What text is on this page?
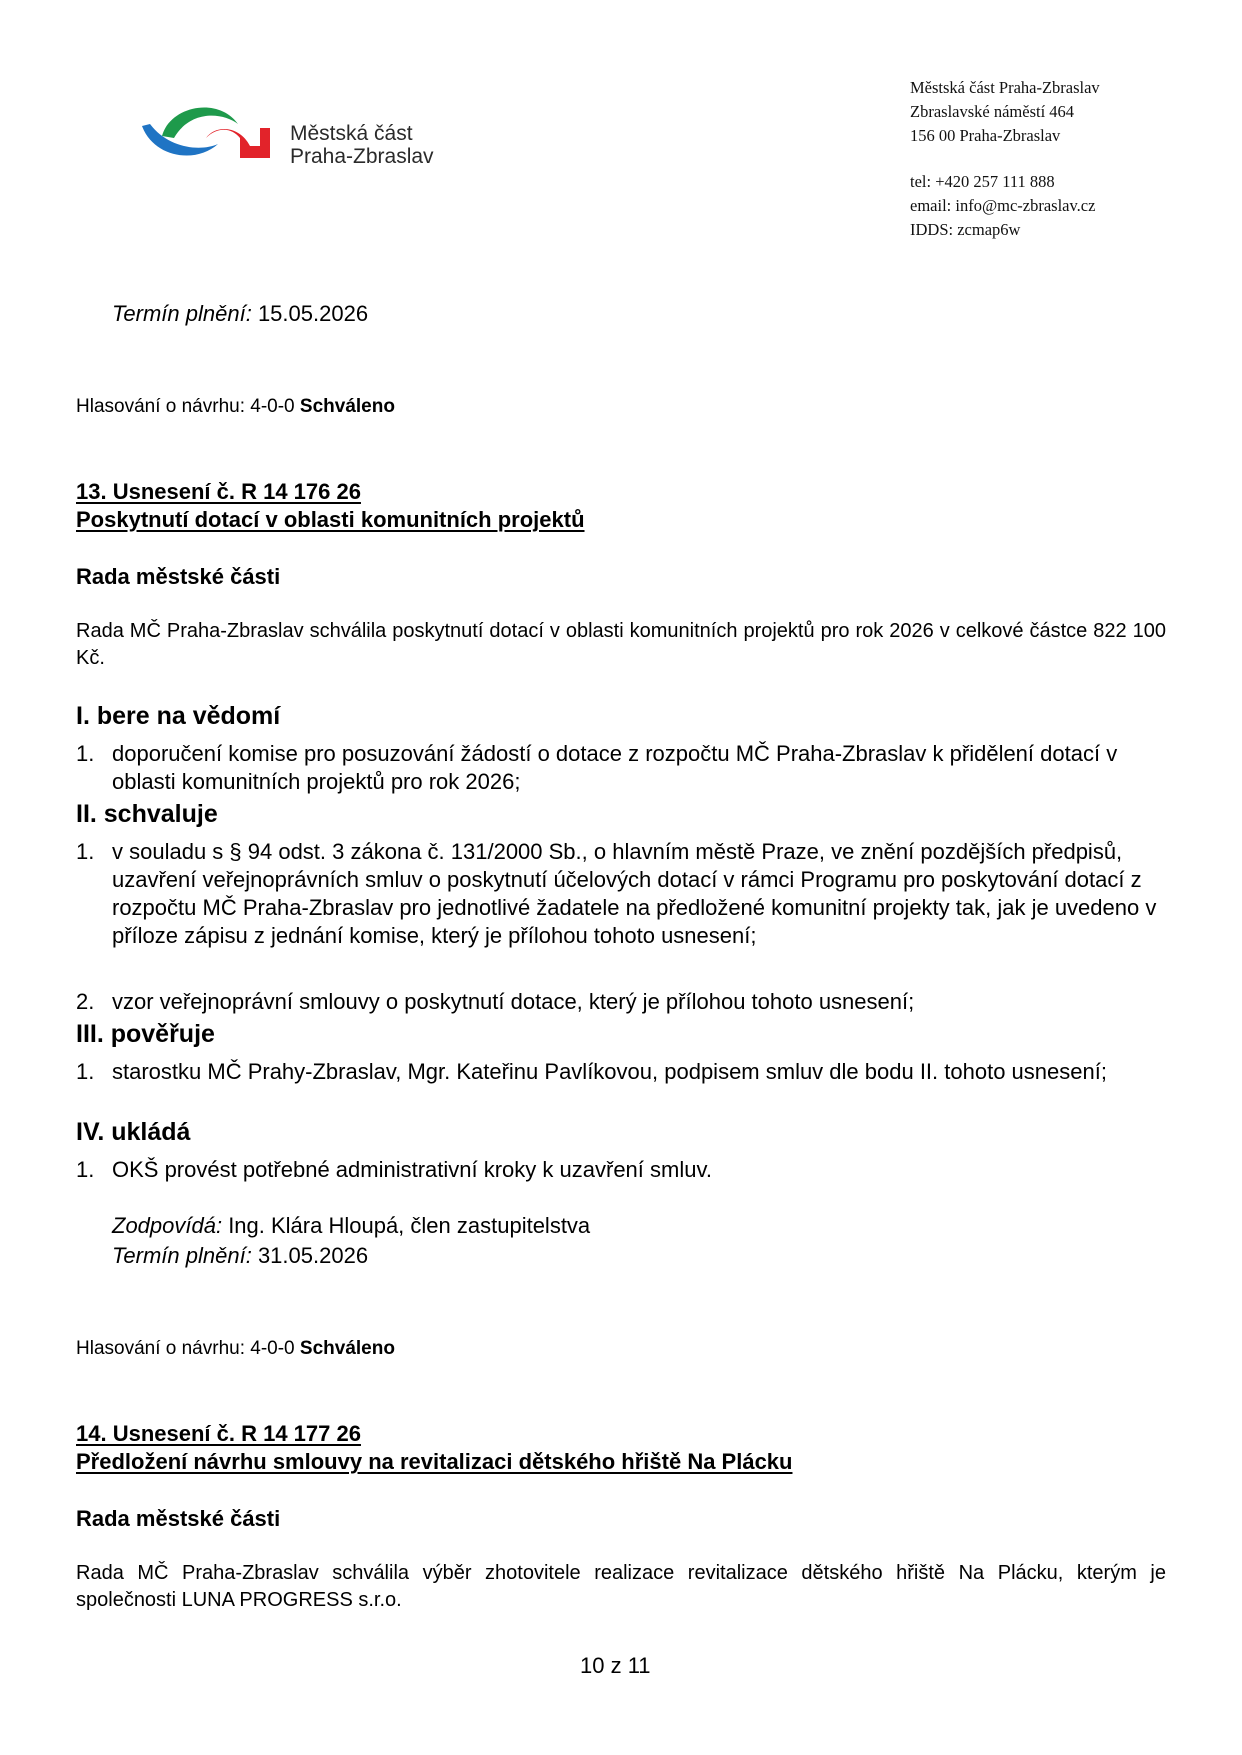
Městská část
Praha-Zbraslav
Městská část Praha-Zbraslav
Zbraslavské náměstí 464
156 00 Praha-Zbraslav
tel: +420 257 111 888
email: info@mc-zbraslav.cz
IDDS: zcmap6w
Termín plnění: 15.05.2026
Hlasování o návrhu: 4-0-0 Schváleno
13. Usnesení č. R 14 176 26
Poskytnutí dotací v oblasti komunitních projektů
Rada městské části
Rada MČ Praha-Zbraslav schválila poskytnutí dotací v oblasti komunitních projektů pro rok 2026 v celkové částce 822 100 Kč.
I. bere na vědomí
1. doporučení komise pro posuzování žádostí o dotace z rozpočtu MČ Praha-Zbraslav k přidělení dotací v oblasti komunitních projektů pro rok 2026;
II. schvaluje
1. v souladu s § 94 odst. 3 zákona č. 131/2000 Sb., o hlavním městě Praze, ve znění pozdějších předpisů, uzavření veřejnoprávních smluv o poskytnutí účelových dotací v rámci Programu pro poskytování dotací z rozpočtu MČ Praha-Zbraslav pro jednotlivé žadatele na předložené komunitní projekty tak, jak je uvedeno v příloze zápisu z jednání komise, který je přílohou tohoto usnesení;
2. vzor veřejnoprávní smlouvy o poskytnutí dotace, který je přílohou tohoto usnesení;
III. pověřuje
1. starostku MČ Prahy-Zbraslav, Mgr. Kateřinu Pavlíkovou, podpisem smluv dle bodu II. tohoto usnesení;
IV. ukládá
1. OKŠ provést potřebné administrativní kroky k uzavření smluv.
Zodpovídá: Ing. Klára Hloupá, člen zastupitelstva
Termín plnění: 31.05.2026
Hlasování o návrhu: 4-0-0 Schváleno
14. Usnesení č. R 14 177 26
Předložení návrhu smlouvy na revitalizaci dětského hřiště Na Plácku
Rada městské části
Rada MČ Praha-Zbraslav schválila výběr zhotovitele realizace revitalizace dětského hřiště Na Plácku, kterým je společnosti LUNA PROGRESS s.r.o.
10 z 11
